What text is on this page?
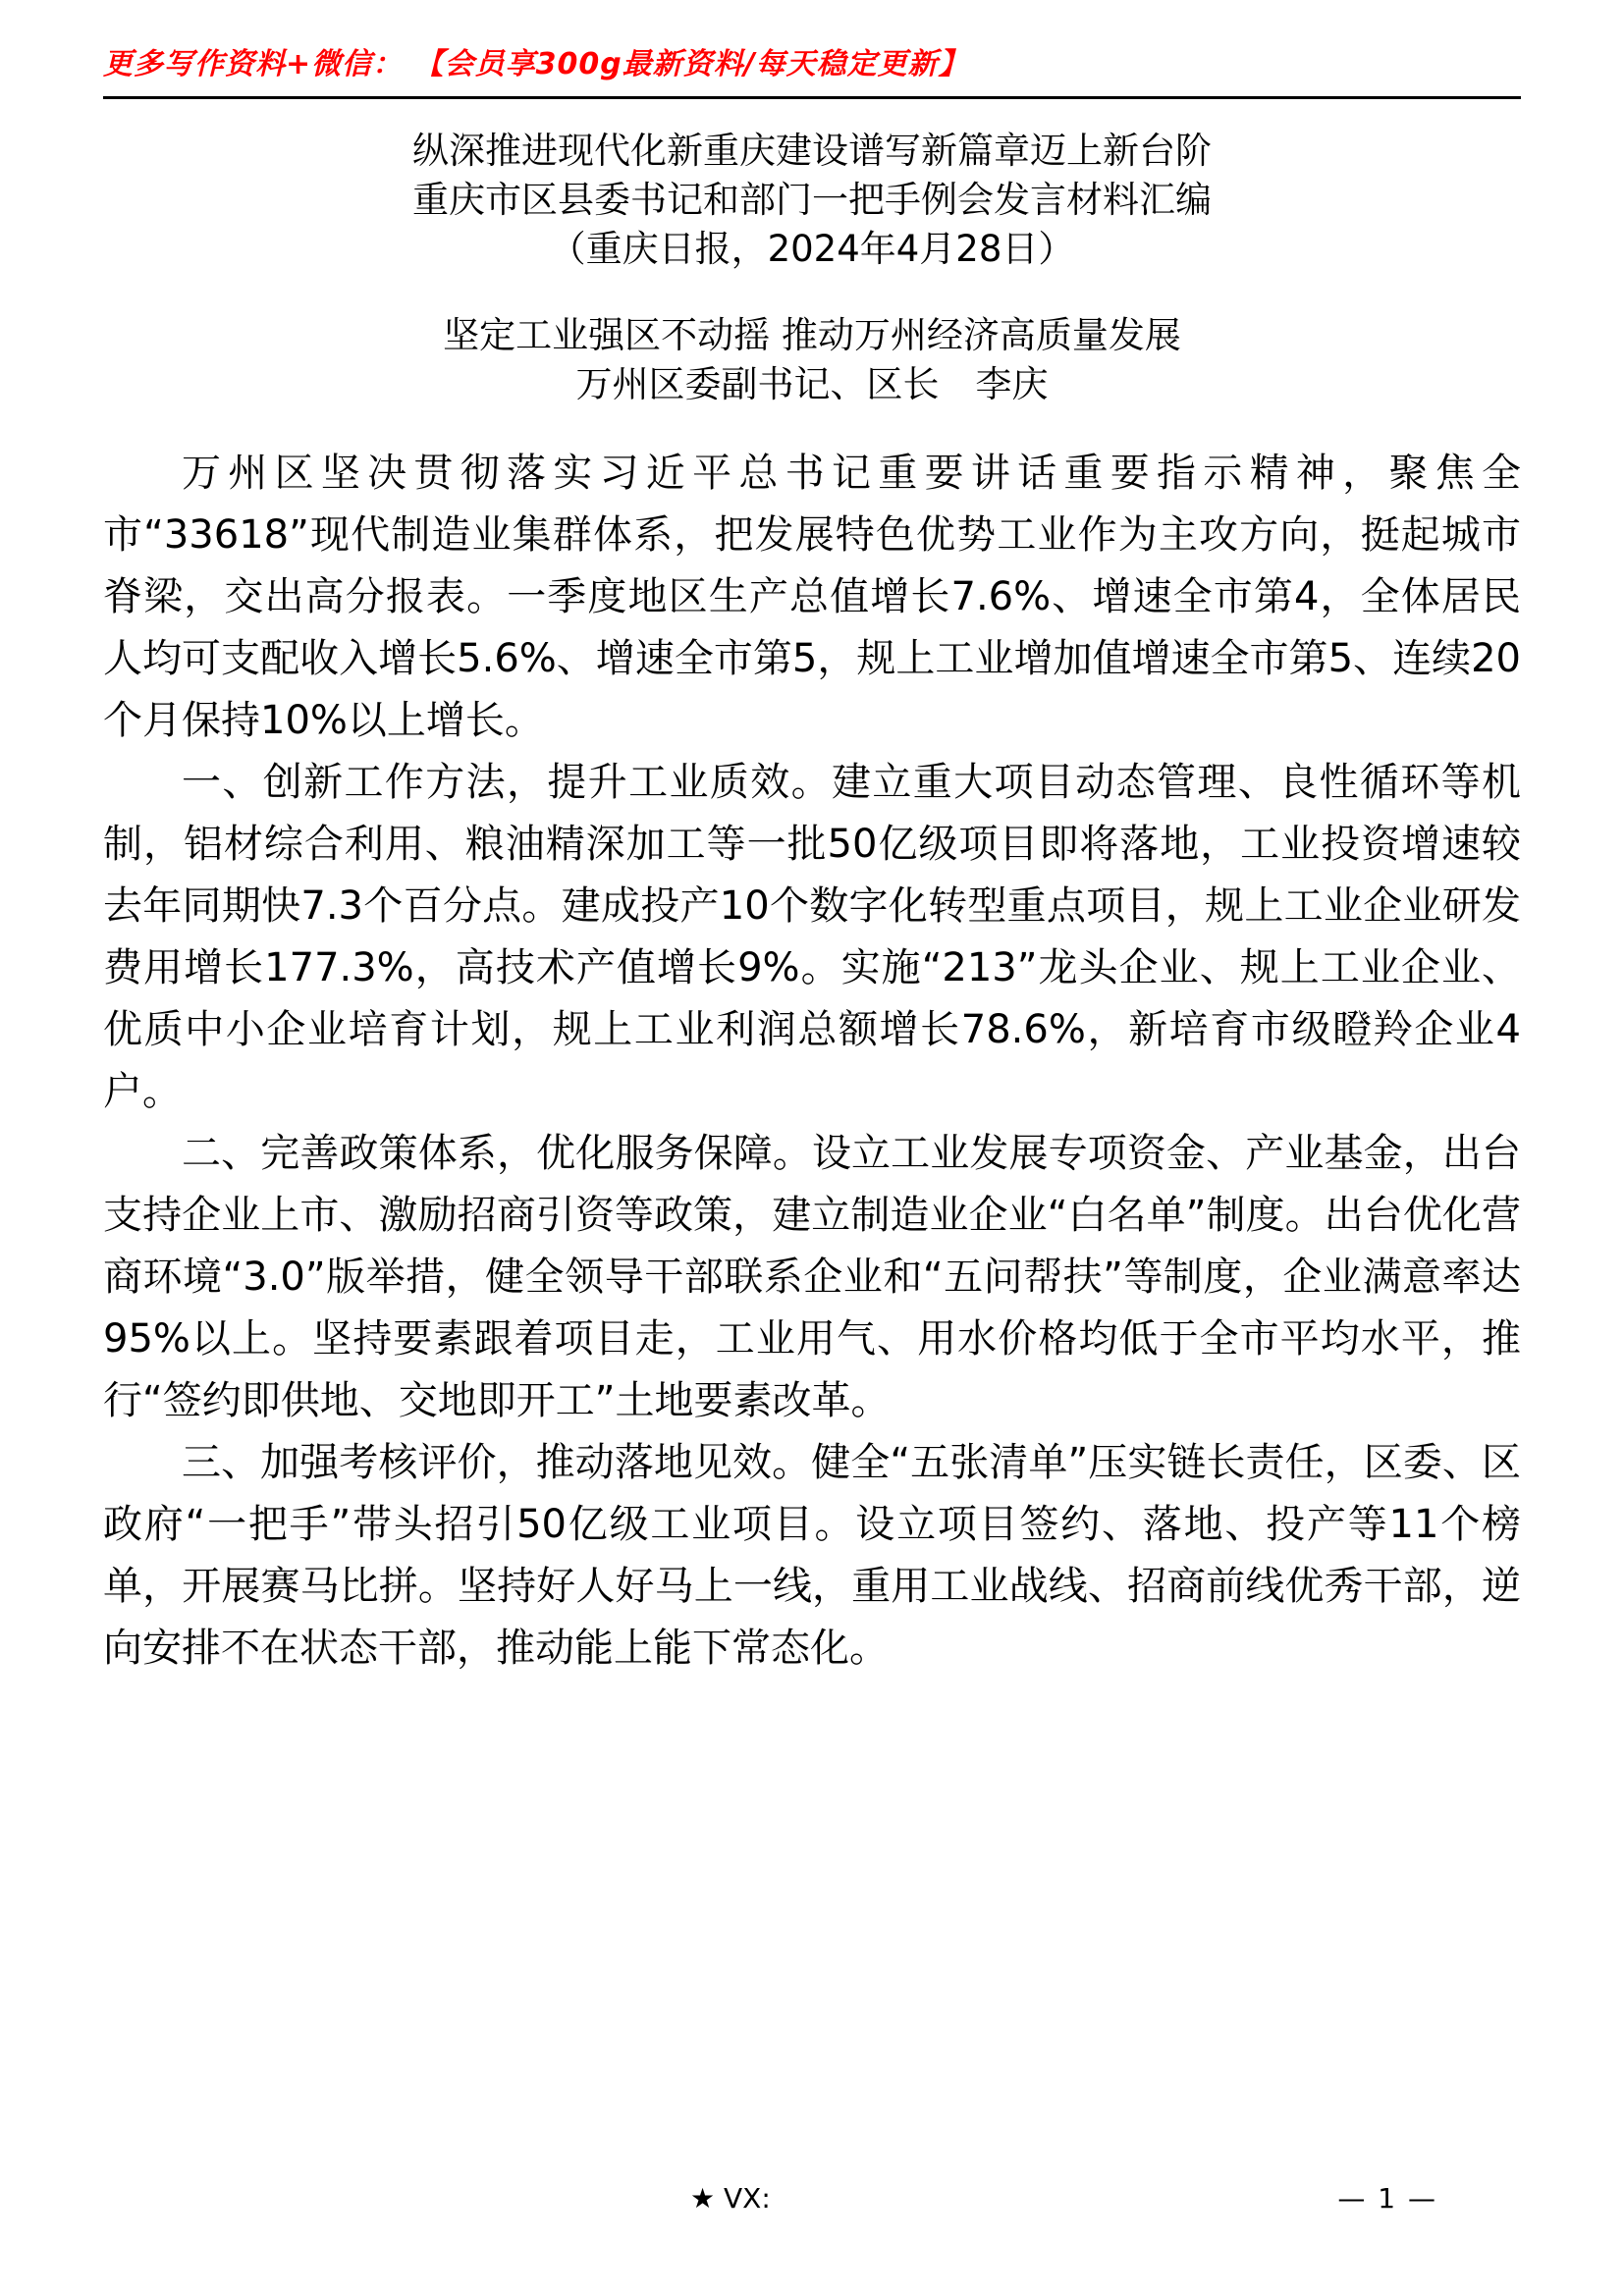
更多写作资料+微信： 【会员享300g最新资料/每天稳定更新】
纵深推进现代化新重庆建设谱写新篇章迈上新台阶
重庆市区县委书记和部门一把手例会发言材料汇编
（重庆日报，2024年4月28日）
坚定工业强区不动摇 推动万州经济高质量发展
万州区委副书记、区长　李庆

万州区坚决贯彻落实习近平总书记重要讲话重要指示精神，聚焦全市“33618”现代制造业集群体系，把发展特色优势工业作为主攻方向，挺起城市脊梁，交出高分报表。一季度地区生产总值增长7.6%、增速全市第4，全体居民人均可支配收入增长5.6%、增速全市第5，规上工业增加值增速全市第5、连续20个月保持10%以上增长。

一、创新工作方法，提升工业质效。建立重大项目动态管理、良性循环等机制，铝材综合利用、粮油精深加工等一批50亿级项目即将落地，工业投资增速较去年同期快7.3个百分点。建成投产10个数字化转型重点项目，规上工业企业研发费用增长177.3%，高技术产值增长9%。实施“213”龙头企业、规上工业企业、优质中小企业培育计划，规上工业利润总额增长78.6%，新培育市级瞪羚企业4户。

二、完善政策体系，优化服务保障。设立工业发展专项资金、产业基金，出台支持企业上市、激励招商引资等政策，建立制造业企业“白名单”制度。出台优化营商环境“3.0”版举措，健全领导干部联系企业和“五问帮扶”等制度，企业满意率达95%以上。坚持要素跟着项目走，工业用气、用水价格均低于全市平均水平，推行“签约即供地、交地即开工”土地要素改革。

三、加强考核评价，推动落地见效。健全“五张清单”压实链长责任，区委、区政府“一把手”带头招引50亿级工业项目。设立项目签约、落地、投产等11个榜单，开展赛马比拼。坚持好人好马上一线，重用工业战线、招商前线优秀干部，逆向安排不在状态干部，推动能上能下常态化。

★ VX:	— 1 —
